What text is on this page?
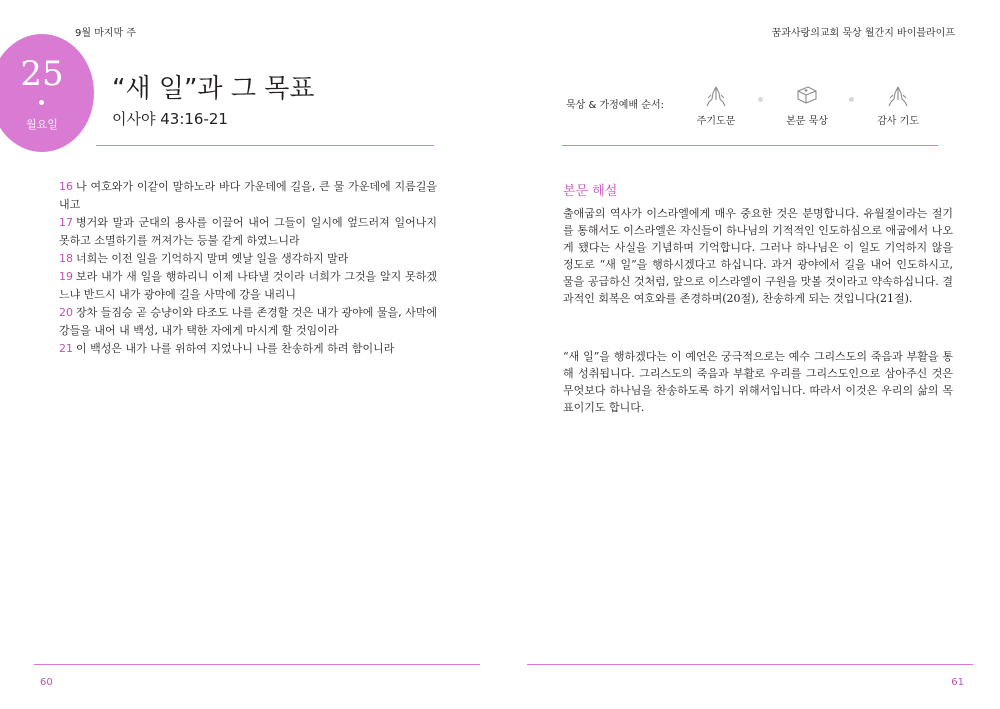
9월 마지막 주	꿈과사랑의교회 묵상 월간지 바이블라이프
25
월요일
“새 일”과 그 목표
이사야 43:16-21

16 나 여호와가 이같이 말하노라 바다 가운데에 길을, 큰 물 가운데에 지름길을 내고

17 병거와 말과 군대의 용사를 이끌어 내어 그들이 일시에 엎드러져 일어나지 못하고 소멸하기를 꺼져가는 등불 같게 하였느니라

18 너희는 이전 일을 기억하지 말며 옛날 일을 생각하지 말라

19 보라 내가 새 일을 행하리니 이제 나타낼 것이라 너희가 그것을 알지 못하겠느냐 반드시 내가 광야에 길을 사막에 강을 내리니

20 장차 들짐승 곧 승냥이와 타조도 나를 존경할 것은 내가 광야에 물을, 사막에 강들을 내어 내 백성, 내가 택한 자에게 마시게 할 것임이라

21 이 백성은 내가 나를 위하여 지었나니 나를 찬송하게 하려 함이니라

묵상 & 가정예배 순서:
주기도문	본문 묵상	감사 기도
본문 해설

출애굽의 역사가 이스라엘에게 매우 중요한 것은 분명합니다. 유월절이라는 절기를 통해서도 이스라엘은 자신들이 하나님의 기적적인 인도하심으로 애굽에서 나오게 됐다는 사실을 기념하며 기억합니다. 그러나 하나님은 이 일도 기억하지 않을 정도로 “새 일”을 행하시겠다고 하십니다. 과거 광야에서 길을 내어 인도하시고, 물을 공급하신 것처럼, 앞으로 이스라엘이 구원을 맛볼 것이라고 약속하십니다. 결과적인 회복은 여호와를 존경하며(20절), 찬송하게 되는 것입니다(21절).

“새 일”을 행하겠다는 이 예언은 궁극적으로는 예수 그리스도의 죽음과 부활을 통해 성취됩니다. 그리스도의 죽음과 부활로 우리를 그리스도인으로 삼아주신 것은 무엇보다 하나님을 찬송하도록 하기 위해서입니다. 따라서 이것은 우리의 삶의 목표이기도 합니다.

60	61
